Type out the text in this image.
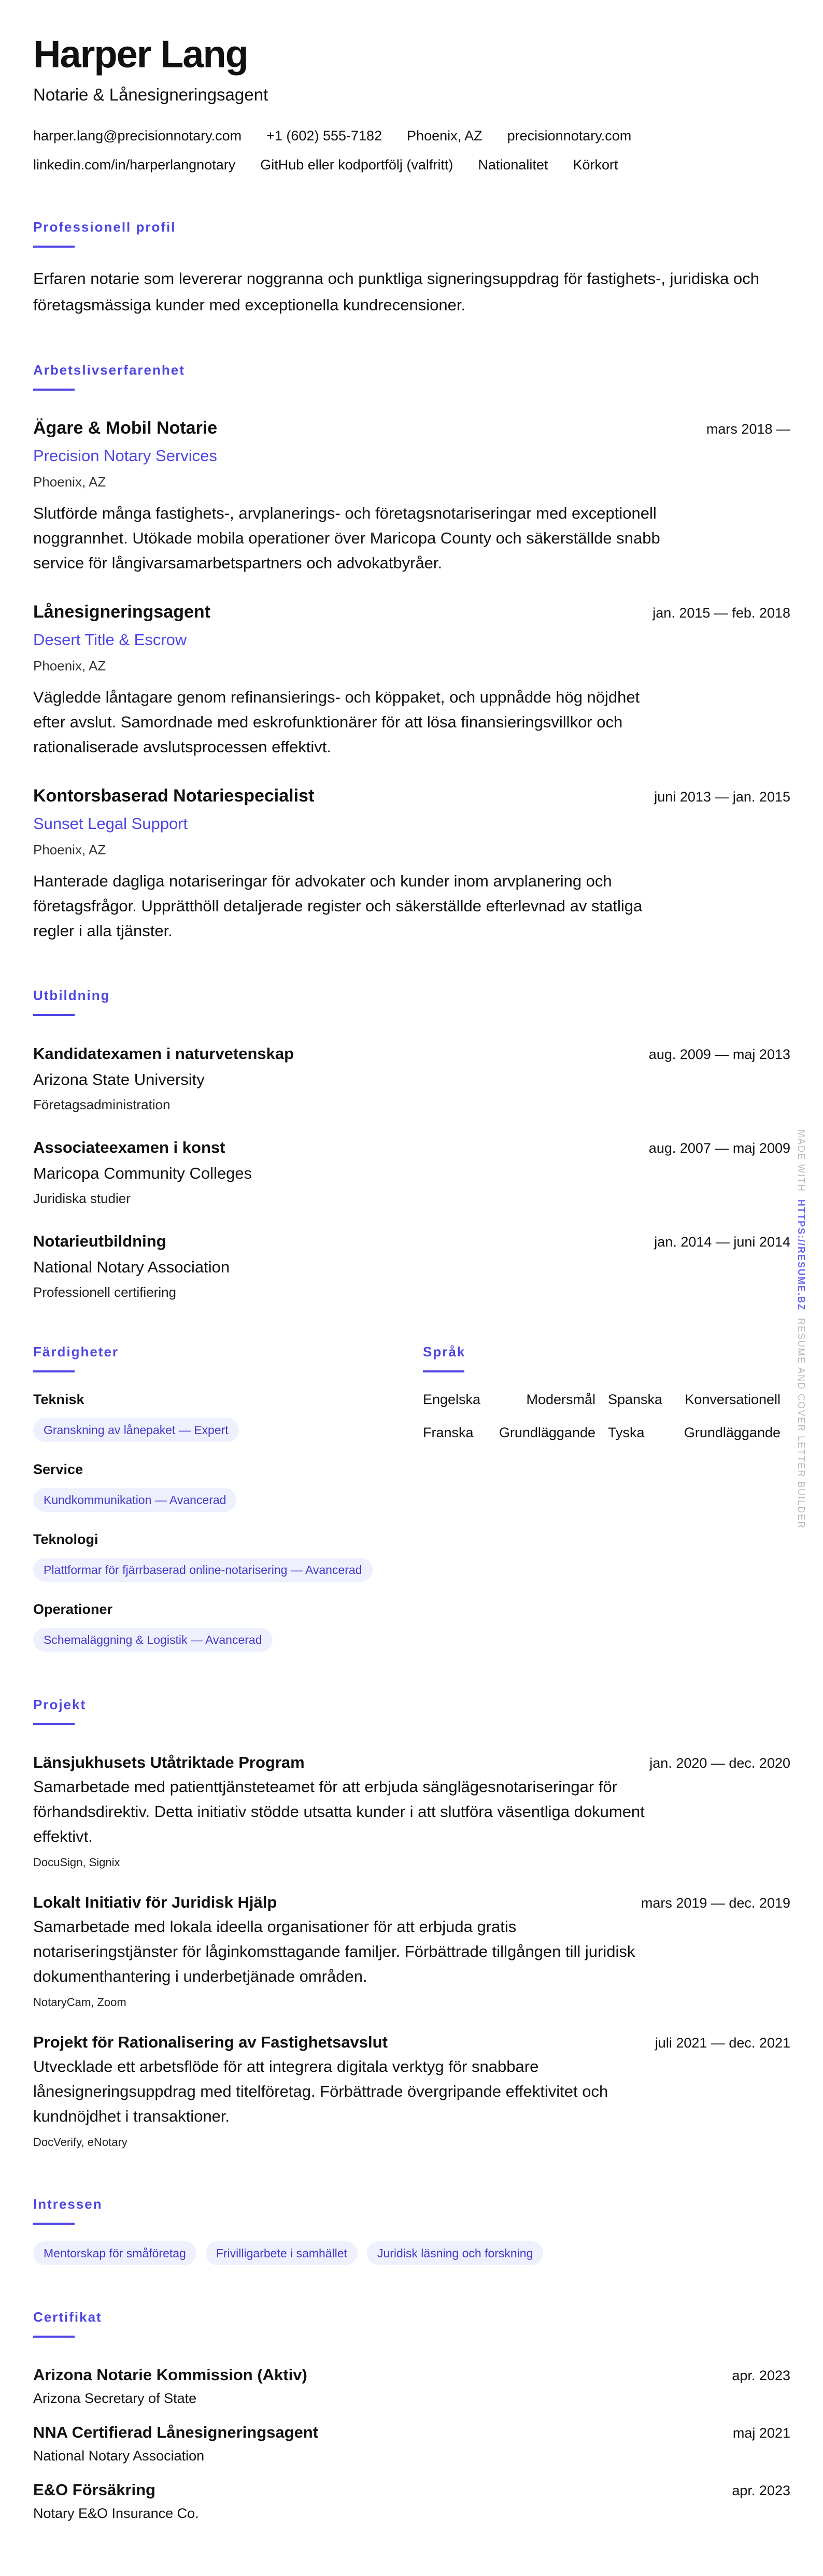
Harper Lang
Notarie & Lånesigneringsagent
harper.lang@precisionnotary.com +1 (602) 555-7182 Phoenix, AZ precisionnotary.com
linkedin.com/in/harperlangnotary GitHub eller kodportfölj (valfritt) Nationalitet Körkort
Professionell profil
Erfaren notarie som levererar noggranna och punktliga signeringsuppdrag för fastighets-, juridiska och företagsmässiga kunder med exceptionella kundrecensioner.
Arbetslivserfarenhet
Ägare & Mobil Notarie	mars 2018 —
Precision Notary Services
Phoenix, AZ
Slutförde många fastighets-, arvplanerings- och företagsnotariseringar med exceptionell noggrannhet. Utökade mobila operationer över Maricopa County och säkerställde snabb service för långivarsamarbetspartners och advokatbyråer.
Lånesigneringsagent	jan. 2015 — feb. 2018
Desert Title & Escrow
Phoenix, AZ
Vägledde låntagare genom refinansierings- och köppaket, och uppnådde hög nöjdhet efter avslut. Samordnade med eskrofunktionärer för att lösa finansieringsvillkor och rationaliserade avslutsprocessen effektivt.
Kontorsbaserad Notariespecialist	juni 2013 — jan. 2015
Sunset Legal Support
Phoenix, AZ
Hanterade dagliga notariseringar för advokater och kunder inom arvplanering och företagsfrågor. Upprätthöll detaljerade register och säkerställde efterlevnad av statliga regler i alla tjänster.
Utbildning
Kandidatexamen i naturvetenskap	aug. 2009 — maj 2013
Arizona State University
Företagsadministration
Associateexamen i konst	aug. 2007 — maj 2009
Maricopa Community Colleges
Juridiska studier
Notarieutbildning	jan. 2014 — juni 2014
National Notary Association
Professionell certifiering
Färdigheter
Teknisk
Granskning av lånepaket — Expert
Service
Kundkommunikation — Avancerad
Teknologi
Plattformar för fjärrbaserad online-notarisering — Avancerad
Operationer
Schemaläggning & Logistik — Avancerad
Språk
Engelska	Modersmål Spanska Konversationell
Franska Grundläggande Tyska	Grundläggande
Projekt
Länsjukhusets Utåtriktade Program	jan. 2020 — dec. 2020
Samarbetade med patienttjänsteteamet för att erbjuda sänglägesnotariseringar för förhandsdirektiv. Detta initiativ stödde utsatta kunder i att slutföra väsentliga dokument effektivt.
DocuSign, Signix
Lokalt Initiativ för Juridisk Hjälp	mars 2019 — dec. 2019
Samarbetade med lokala ideella organisationer för att erbjuda gratis notariseringstjänster för låginkomsttagande familjer. Förbättrade tillgången till juridisk dokumenthantering i underbetjänade områden.
NotaryCam, Zoom
Projekt för Rationalisering av Fastighetsavslut	juli 2021 — dec. 2021
Utvecklade ett arbetsflöde för att integrera digitala verktyg för snabbare lånesigneringsuppdrag med titelföretag. Förbättrade övergripande effektivitet och kundnöjdhet i transaktioner.
DocVerify, eNotary
Intressen
Mentorskap för småföretag	Frivilligarbete i samhället	Juridisk läsning och forskning
Certifikat
Arizona Notarie Kommission (Aktiv)	apr. 2023
Arizona Secretary of State
NNA Certifierad Lånesigneringsagent	maj 2021
National Notary Association
E&O Försäkring	apr. 2023
Notary E&O Insurance Co.
MADE WITH  HTTPS://RESUME.BZ  RESUME AND COVER LETTER BUILDER
